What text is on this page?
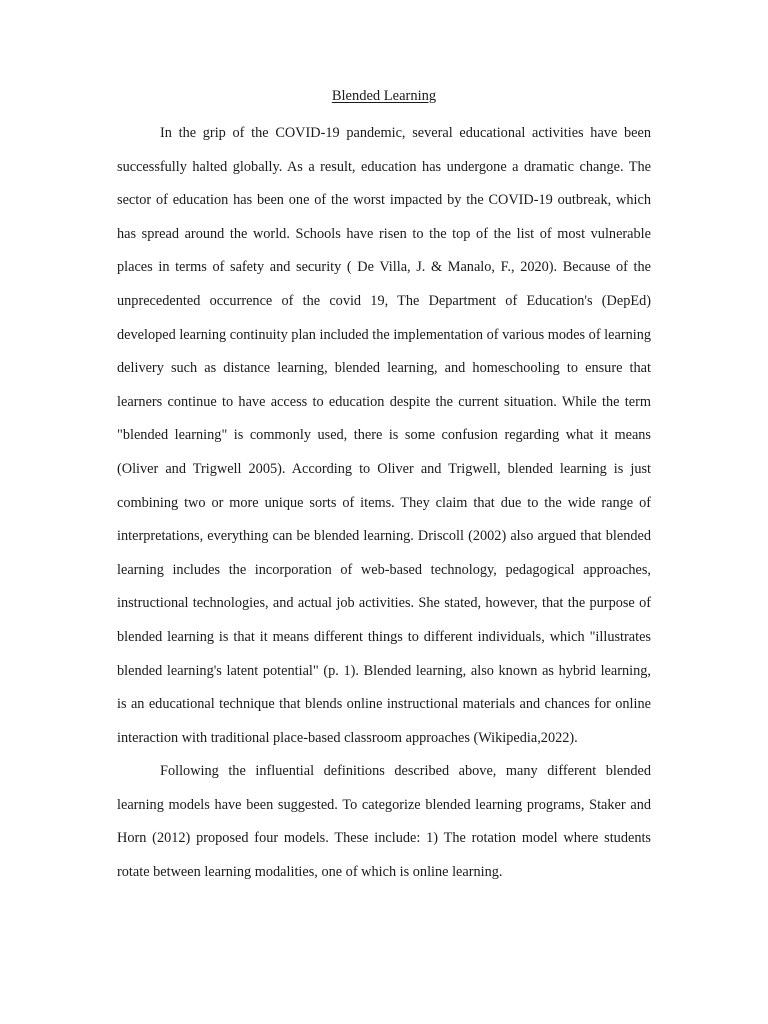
Blended Learning

In the grip of the COVID-19 pandemic, several educational activities have been successfully halted globally. As a result, education has undergone a dramatic change. The sector of education has been one of the worst impacted by the COVID-19 outbreak, which has spread around the world. Schools have risen to the top of the list of most vulnerable places in terms of safety and security ( De Villa, J. & Manalo, F., 2020). Because of the unprecedented occurrence of the covid 19, The Department of Education's (DepEd) developed learning continuity plan included the implementation of various modes of learning delivery such as distance learning, blended learning, and homeschooling to ensure that learners continue to have access to education despite the current situation. While the term "blended learning" is commonly used, there is some confusion regarding what it means (Oliver and Trigwell 2005). According to Oliver and Trigwell, blended learning is just combining two or more unique sorts of items. They claim that due to the wide range of interpretations, everything can be blended learning. Driscoll (2002) also argued that blended learning includes the incorporation of web-based technology, pedagogical approaches, instructional technologies, and actual job activities. She stated, however, that the purpose of blended learning is that it means different things to different individuals, which "illustrates blended learning's latent potential" (p. 1). Blended learning, also known as hybrid learning, is an educational technique that blends online instructional materials and chances for online interaction with traditional place-based classroom approaches (Wikipedia,2022).

Following the influential definitions described above, many different blended learning models have been suggested. To categorize blended learning programs, Staker and Horn (2012) proposed four models. These include: 1) The rotation model where students rotate between learning modalities, one of which is online learning.
